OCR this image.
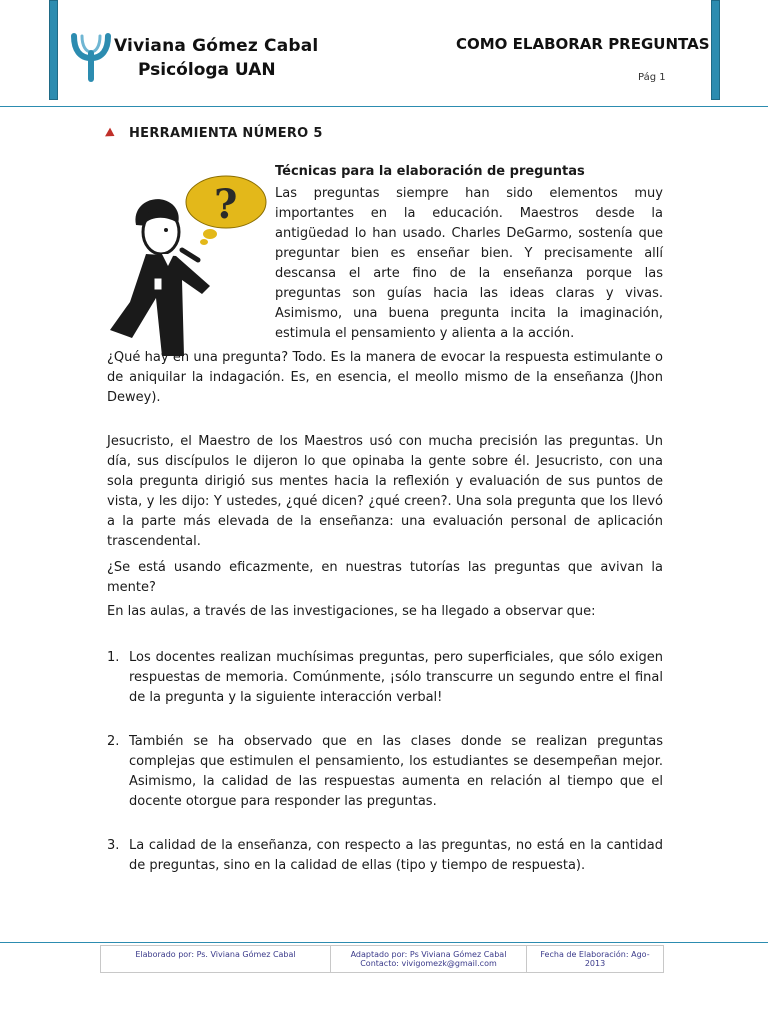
Viviana Gómez Cabal
Psicóloga UAN
COMO ELABORAR PREGUNTAS
Pág 1
HERRAMIENTA NÚMERO 5
?
Técnicas para la elaboración de preguntas
Las preguntas siempre han sido elementos muy importantes en la educación. Maestros desde la antigüedad lo han usado. Charles DeGarmo, sostenía que preguntar bien es enseñar bien. Y precisamente allí descansa el arte fino de la enseñanza porque las preguntas son guías hacia las ideas claras y vivas. Asimismo, una buena pregunta incita la imaginación, estimula el pensamiento y alienta a la acción.
¿Qué hay en una pregunta? Todo. Es la manera de evocar la respuesta estimulante o de aniquilar la indagación. Es, en esencia, el meollo mismo de la enseñanza (Jhon Dewey).
Jesucristo, el Maestro de los Maestros usó con mucha precisión las preguntas. Un día, sus discípulos le dijeron lo que opinaba la gente sobre él. Jesucristo, con una sola pregunta dirigió sus mentes hacia la reflexión y evaluación de sus puntos de vista, y les dijo: Y ustedes, ¿qué dicen? ¿qué creen?. Una sola pregunta que los llevó a la parte más elevada de la enseñanza: una evaluación personal de aplicación trascendental.
¿Se está usando eficazmente, en nuestras tutorías las preguntas que avivan la mente?
En las aulas, a través de las investigaciones, se ha llegado a observar que:
1. Los docentes realizan muchísimas preguntas, pero superficiales, que sólo exigen respuestas de memoria. Comúnmente, ¡sólo transcurre un segundo entre el final de la pregunta y la siguiente interacción verbal!
2. También se ha observado que en las clases donde se realizan preguntas complejas que estimulen el pensamiento, los estudiantes se desempeñan mejor. Asimismo, la calidad de las respuestas aumenta en relación al tiempo que el docente otorgue para responder las preguntas.
3. La calidad de la enseñanza, con respecto a las preguntas, no está en la cantidad de preguntas, sino en la calidad de ellas (tipo y tiempo de respuesta).
Elaborado por: Ps. Viviana Gómez Cabal	Adaptado por: Ps Viviana Gómez Cabal
Contacto: vivigomezk@gmail.com
Fecha de Elaboración: Ago-2013
